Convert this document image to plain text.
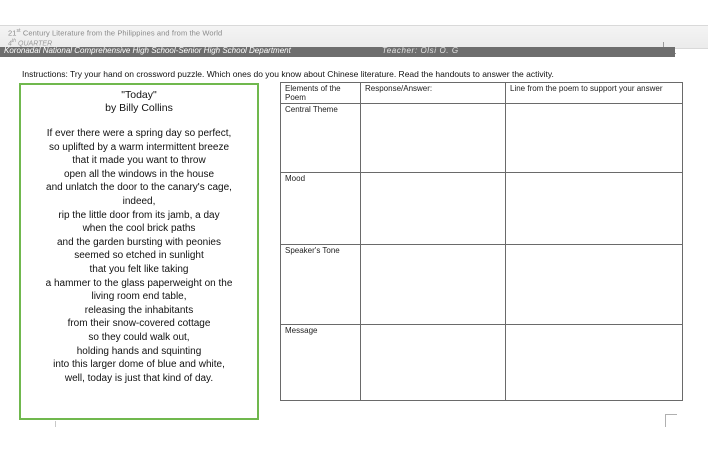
21st Century Literature from the Philippines and from the World
4th QUARTER
Koronadal National Comprehensive High School-Senior High School Department	Teacher: Olsi O. G
Instructions: Try your hand on crossword puzzle. Which ones do you know about Chinese literature. Read the handouts to answer the activity.
"Today"
by Billy Collins
If ever there were a spring day so perfect,
so uplifted by a warm intermittent breeze
that it made you want to throw
open all the windows in the house
and unlatch the door to the canary's cage,
indeed,
rip the little door from its jamb, a day
when the cool brick paths
and the garden bursting with peonies
seemed so etched in sunlight
that you felt like taking
a hammer to the glass paperweight on the
living room end table,
releasing the inhabitants
from their snow-covered cottage
so they could walk out,
holding hands and squinting
into this larger dome of blue and white,
well, today is just that kind of day.
Elements of the Poem	Response/Answer:	Line from the poem to support your answer
Central Theme		
Mood		
Speaker's Tone		
Message		
